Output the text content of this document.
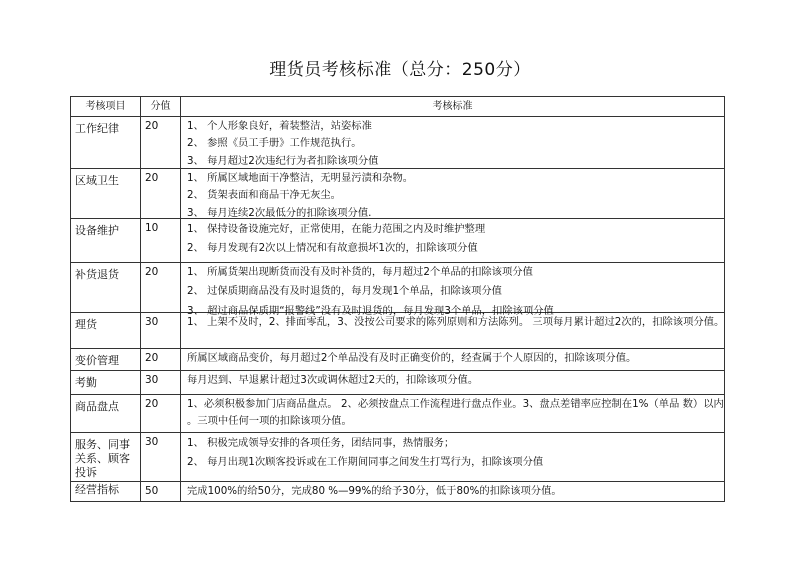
理货员考核标准（总分：250分）
考核项目	分值	考核标准
工作纪律	20	1、 个人形象良好，着装整洁，站姿标准
2、 参照《员工手册》工作规范执行。
3、 每月超过2次违纪行为者扣除该项分值

区域卫生	20	1、 所属区域地面干净整洁，无明显污渍和杂物。
2、 货架表面和商品干净无灰尘。
3、 每月连续2次最低分的扣除该项分值.

设备维护	10	1、 保持设备设施完好，正常使用，在能力范围之内及时维护整理
2、 每月发现有2次以上情况和有故意损坏1次的，扣除该项分值

补货退货	20	1、 所属货架出现断货而没有及时补货的，每月超过2个单品的扣除该项分值
2、 过保质期商品没有及时退货的，每月发现1个单品，扣除该项分值
3、 超过商品保质期“报警线”没有及时退货的，每月发现3个单品，扣除该项分值

理货	30	1、 上架不及时，2、排面零乱，3、没按公司要求的陈列原则和方法陈列。 三项每月累计超过2次的，扣除该项分值。

变价管理	20	所属区域商品变价，每月超过2个单品没有及时正确变价的，经查属于个人原因的，扣除该项分值。

考勤	30	每月迟到、早退累计超过3次或调休超过2天的，扣除该项分值。

商品盘点	20	1、必须积极参加门店商品盘点。 2、必须按盘点工作流程进行盘点作业。3、盘点差错率应控制在1%（单品 数）以内
。三项中任何一项的扣除该项分值。

服务、同事关系、顾客投诉	30	1、 积极完成领导安排的各项任务，团结同事，热情服务；
2、 每月出现1次顾客投诉或在工作期间同事之间发生打骂行为，扣除该项分值

经营指标	50	完成100%的给50分，完成80 %—99%的给予30分，低于80%的扣除该项分值。
